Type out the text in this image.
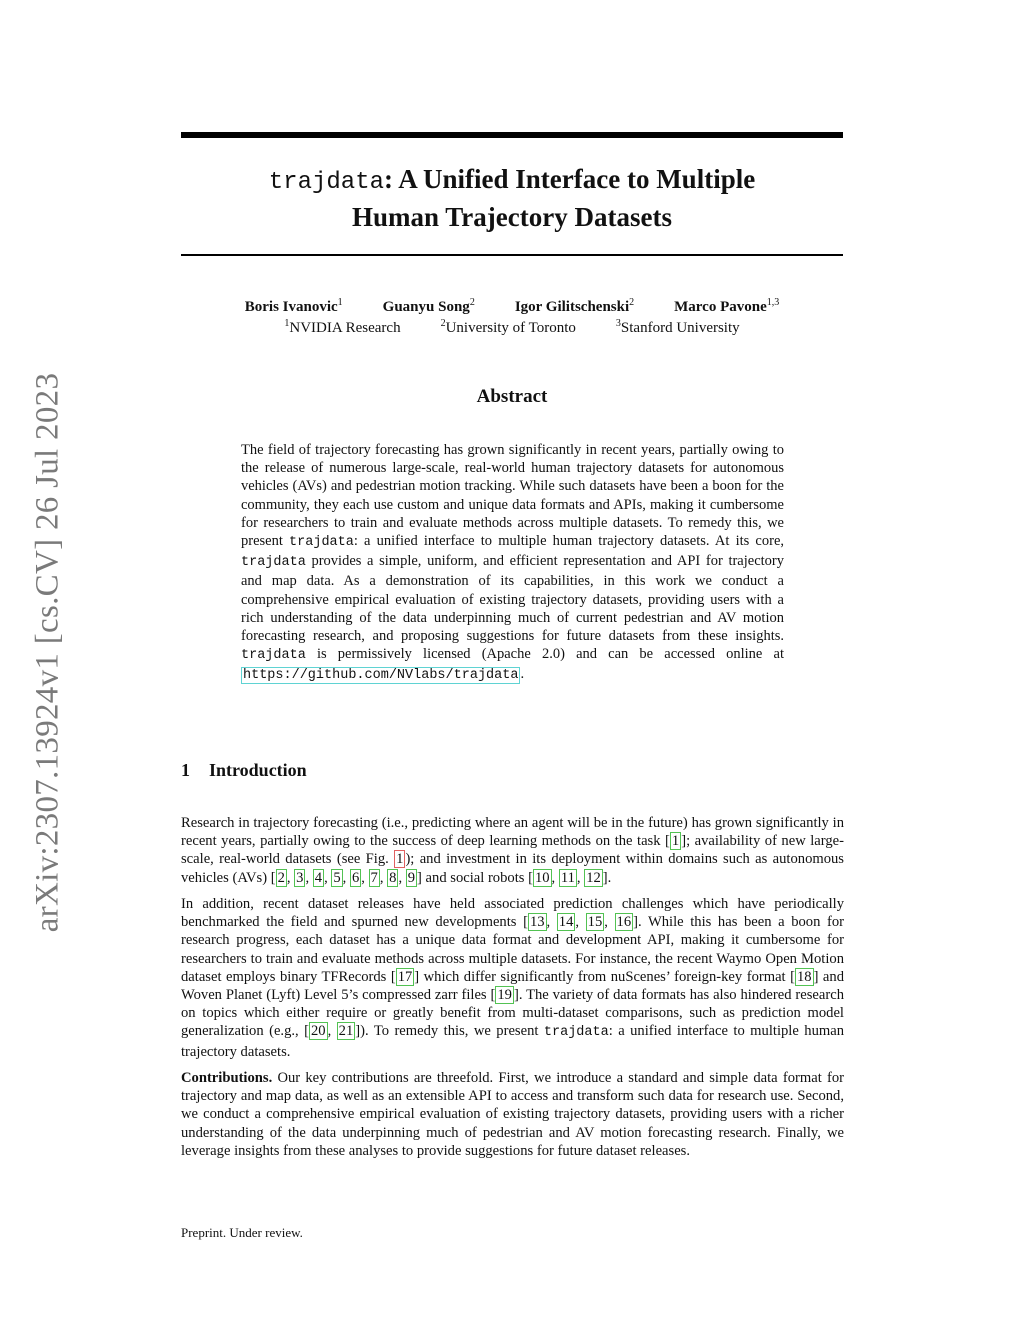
arXiv:2307.13924v1 [cs.CV] 26 Jul 2023
trajdata: A Unified Interface to Multiple
Human Trajectory Datasets
Boris Ivanovic$^1$	Guanyu Song$^2$	Igor Gilitschenski$^2$	Marco Pavone$^{1,3}$
$^1$NVIDIA Research	$^2$University of Toronto	$^3$Stanford University
Abstract

The field of trajectory forecasting has grown significantly in recent years, partially owing to the release of numerous large-scale, real-world human trajectory datasets for autonomous vehicles (AVs) and pedestrian motion tracking. While such datasets have been a boon for the community, they each use custom and unique data formats and APIs, making it cumbersome for researchers to train and evaluate methods across multiple datasets. To remedy this, we present trajdata: a unified interface to multiple human trajectory datasets. At its core, trajdata provides a simple, uniform, and efficient representation and API for trajectory and map data. As a demonstration of its capabilities, in this work we conduct a comprehensive empirical evaluation of existing trajectory datasets, providing users with a rich understanding of the data underpinning much of current pedestrian and AV motion forecasting research, and proposing suggestions for future datasets from these insights. trajdata is permissively licensed (Apache 2.0) and can be accessed online at https://github.com/NVlabs/trajdata .

1 Introduction

Research in trajectory forecasting (i.e., predicting where an agent will be in the future) has grown significantly in recent years, partially owing to the success of deep learning methods on the task [ 1 ]; availability of new large-scale, real-world datasets (see Fig. 1 ); and investment in its deployment within domains such as autonomous vehicles (AVs) [ 2 , 3 , 4 , 5 , 6 , 7 , 8 , 9 ] and social robots [ 10 , 11 , 12 ].

In addition, recent dataset releases have held associated prediction challenges which have periodically benchmarked the field and spurned new developments [ 13 , 14 , 15 , 16 ]. While this has been a boon for research progress, each dataset has a unique data format and development API, making it cumbersome for researchers to train and evaluate methods across multiple datasets. For instance, the recent Waymo Open Motion dataset employs binary TFRecords [ 17 ] which differ significantly from nuScenes’ foreign-key format [ 18 ] and Woven Planet (Lyft) Level 5’s compressed zarr files [ 19 ]. The variety of data formats has also hindered research on topics which either require or greatly benefit from multi-dataset comparisons, such as prediction model generalization (e.g., [ 20 , 21 ]). To remedy this, we present trajdata: a unified interface to multiple human trajectory datasets.

Contributions. Our key contributions are threefold. First, we introduce a standard and simple data format for trajectory and map data, as well as an extensible API to access and transform such data for research use. Second, we conduct a comprehensive empirical evaluation of existing trajectory datasets, providing users with a richer understanding of the data underpinning much of pedestrian and AV motion forecasting research. Finally, we leverage insights from these analyses to provide suggestions for future dataset releases.

Preprint. Under review.
